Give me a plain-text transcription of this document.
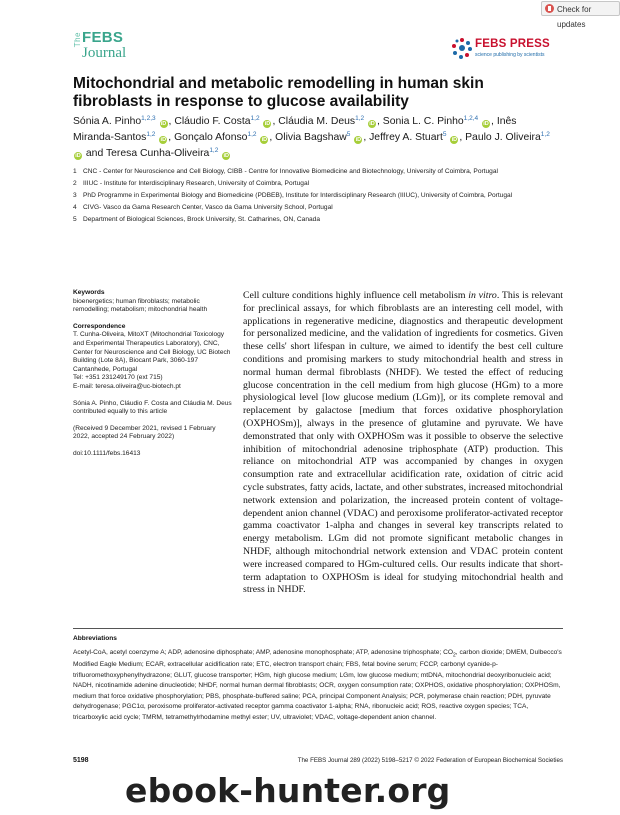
Check for updates
The FEBS
Journal
FEBS PRESS
science publishing by scientists
Mitochondrial and metabolic remodelling in human skin fibroblasts in response to glucose availability
Sónia A. Pinho$^{1,2,3}$ iD , Cláudio F. Costa$^{1,2}$ iD , Cláudia M. Deus$^{1,2}$ iD , Sonia L. C. Pinho$^{1,2,4}$ iD , Inês Miranda-Santos$^{1,2}$ iD , Gonçalo Afonso$^{1,2}$ iD , Olivia Bagshaw$^5$ iD , Jeffrey A. Stuart$^5$ iD , Paulo J. Oliveira$^{1,2}$ iD and Teresa Cunha-Oliveira$^{1,2}$ iD
1 CNC - Center for Neuroscience and Cell Biology, CIBB - Centre for Innovative Biomedicine and Biotechnology, University of Coimbra, Portugal
2 IIIUC - Institute for Interdisciplinary Research, University of Coimbra, Portugal
3 PhD Programme in Experimental Biology and Biomedicine (PDBEB), Institute for Interdisciplinary Research (IIIUC), University of Coimbra, Portugal
4 CIVG- Vasco da Gama Research Center, Vasco da Gama University School, Portugal
5 Department of Biological Sciences, Brock University, St. Catharines, ON, Canada
Keywords
bioenergetics; human fibroblasts; metabolic remodelling; metabolism; mitochondrial health
Correspondence
T. Cunha-Oliveira, MitoXT (Mitochondrial Toxicology and Experimental Therapeutics Laboratory), CNC, Center for Neuroscience and Cell Biology, UC Biotech Building (Lote 8A), Biocant Park, 3060-197 Cantanhede, Portugal
Tel: +351 231249170 (ext 715)
E-mail: teresa.oliveira@uc-biotech.pt
Sónia A. Pinho, Cláudio F. Costa and Cláudia M. Deus contributed equally to this article
(Received 9 December 2021, revised 1 February 2022, accepted 24 February 2022)
doi:10.1111/febs.16413
Cell culture conditions highly influence cell metabolism in vitro. This is relevant for preclinical assays, for which fibroblasts are an interesting cell model, with applications in regenerative medicine, diagnostics and therapeutic development for personalized medicine, and the validation of ingredients for cosmetics. Given these cells' short lifespan in culture, we aimed to identify the best cell culture conditions and promising markers to study mitochondrial health and stress in normal human dermal fibroblasts (NHDF). We tested the effect of reducing glucose concentration in the cell medium from high glucose (HGm) to a more physiological level [low glucose medium (LGm)], or its complete removal and replacement by galactose [medium that forces oxidative phosphorylation (OXPHOSm)], always in the presence of glutamine and pyruvate. We have demonstrated that only with OXPHOSm was it possible to observe the selective inhibition of mitochondrial adenosine triphosphate (ATP) production. This reliance on mitochondrial ATP was accompanied by changes in oxygen consumption rate and extracellular acidification rate, oxidation of citric acid cycle substrates, fatty acids, lactate, and other substrates, increased mitochondrial network extension and polarization, the increased protein content of voltage-dependent anion channel (VDAC) and peroxisome proliferator-activated receptor gamma coactivator 1-alpha and changes in several key transcripts related to energy metabolism. LGm did not promote significant metabolic changes in NHDF, although mitochondrial network extension and VDAC protein content were increased compared to HGm-cultured cells. Our results indicate that short-term adaptation to OXPHOSm is ideal for studying mitochondrial health and stress in NHDF.
Abbreviations
Acetyl-CoA, acetyl coenzyme A; ADP, adenosine diphosphate; AMP, adenosine monophosphate; ATP, adenosine triphosphate; $CO_2$, carbon dioxide; DMEM, Dulbecco's Modified Eagle Medium; ECAR, extracellular acidification rate; ETC, electron transport chain; FBS, fetal bovine serum; FCCP, carbonyl cyanide-p-trifluoromethoxyphenylhydrazone; GLUT, glucose transporter; HGm, high glucose medium; LGm, low glucose medium; mtDNA, mitochondrial deoxyribonucleic acid; NADH, nicotinamide adenine dinucleotide; NHDF, normal human dermal fibroblasts; OCR, oxygen consumption rate; OXPHOS, oxidative phosphorylation; OXPHOSm, medium that force oxidative phosphorylation; PBS, phosphate-buffered saline; PCA, principal Component Analysis; PCR, polymerase chain reaction; PDH, pyruvate dehydrogenase; PGC1α, peroxisome proliferator-activated receptor gamma coactivator 1-alpha; RNA, ribonucleic acid; ROS, reactive oxygen species; TCA, tricarboxylic acid cycle; TMRM, tetramethylrhodamine methyl ester; UV, ultraviolet; VDAC, voltage-dependent anion channel.
5198	The FEBS Journal 289 (2022) 5198–5217 © 2022 Federation of European Biochemical Societies
ebook-hunter.org
